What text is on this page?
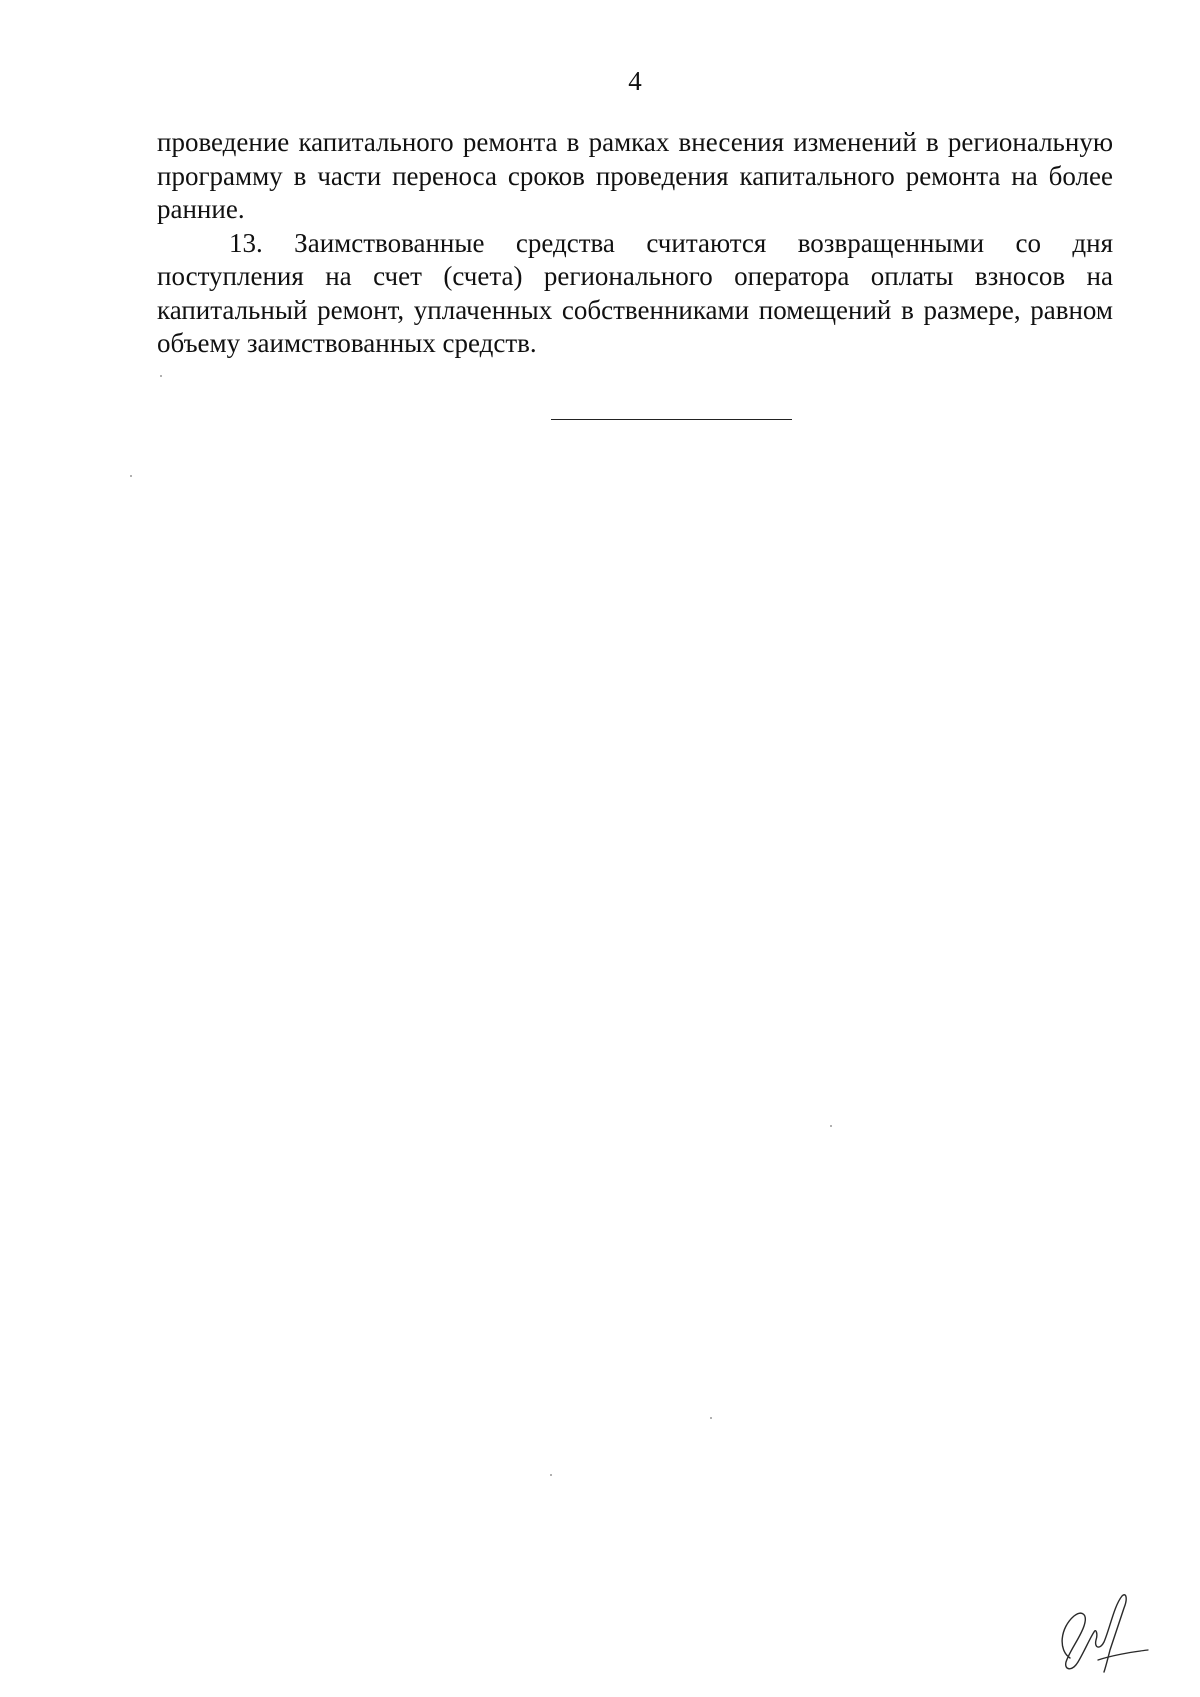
4

проведение капитального ремонта в рамках внесения изменений в региональную программу в части переноса сроков проведения капитального ремонта на более ранние.

13. Заимствованные средства считаются возвращенными со дня поступления на счет (счета) регионального оператора оплаты взносов на капитальный ремонт, уплаченных собственниками помещений в размере, равном объему заимствованных средств.
